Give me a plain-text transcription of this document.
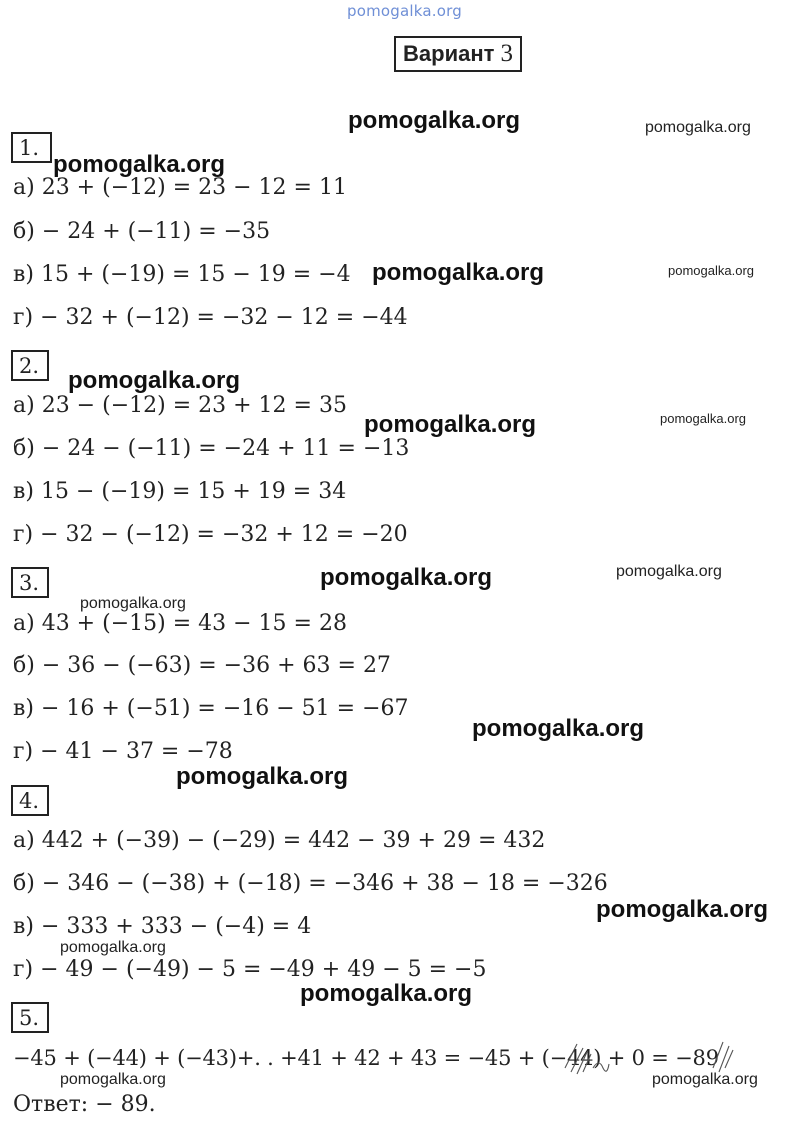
pomogalka.org
Вариант 3
1.
а) 23 + (−12) = 23 − 12 = 11
б) − 24 + (−11) = −35
в) 15 + (−19) = 15 − 19 = −4
г) − 32 + (−12) = −32 − 12 = −44
2.
а) 23 − (−12) = 23 + 12 = 35
б) − 24 − (−11) = −24 + 11 = −13
в) 15 − (−19) = 15 + 19 = 34
г) − 32 − (−12) = −32 + 12 = −20
3.
а) 43 + (−15) = 43 − 15 = 28
б) − 36 − (−63) = −36 + 63 = 27
в) − 16 + (−51) = −16 − 51 = −67
г) − 41 − 37 = −78
4.
а) 442 + (−39) − (−29) = 442 − 39 + 29 = 432
б) − 346 − (−38) + (−18) = −346 + 38 − 18 = −326
в) − 333 + 333 − (−4) = 4
г) − 49 − (−49) − 5 = −49 + 49 − 5 = −5
5.
−45 + (−44) + (−43)+. . +41 + 42 + 43 = −45 + (−44) + 0 = −89
Ответ: − 89.
pomogalka.org	pomogalka.org
pomogalka.org
pomogalka.org	pomogalka.org
pomogalka.org
pomogalka.org	pomogalka.org
pomogalka.org	pomogalka.org
pomogalka.org
pomogalka.org
pomogalka.org
pomogalka.org
pomogalka.org
pomogalka.org
pomogalka.org	pomogalka.org
